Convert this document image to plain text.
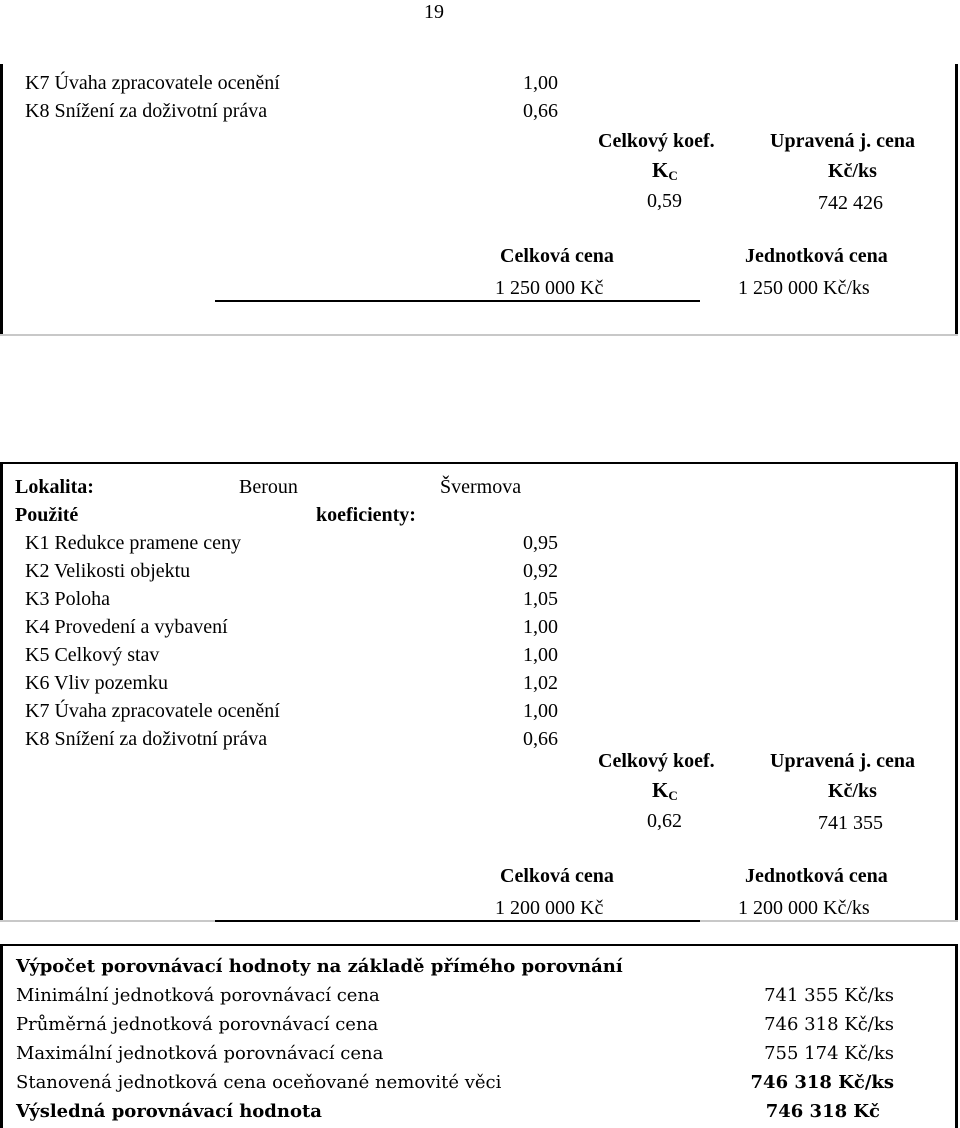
19
K7 Úvaha zpracovatele ocenění	1,00
K8 Snížení za doživotní práva	0,66
Celkový koef.	Upravená j. cena
$K_C$	Kč/ks
0,59	742 426
Celková cena	Jednotková cena
1 250 000 Kč	1 250 000 Kč/ks
Lokalita:	Beroun	Švermova
Použité	koeficienty:
K1 Redukce pramene ceny	0,95
K2 Velikosti objektu	0,92
K3 Poloha	1,05
K4 Provedení a vybavení	1,00
K5 Celkový stav	1,00
K6 Vliv pozemku	1,02
K7 Úvaha zpracovatele ocenění	1,00
K8 Snížení za doživotní práva	0,66
Celkový koef.	Upravená j. cena
$K_C$	Kč/ks
0,62	741 355
Celková cena	Jednotková cena
1 200 000 Kč	1 200 000 Kč/ks
Výpočet porovnávací hodnoty na základě přímého porovnání
Minimální jednotková porovnávací cena	741 355 Kč/ks
Průměrná jednotková porovnávací cena	746 318 Kč/ks
Maximální jednotková porovnávací cena	755 174 Kč/ks
Stanovená jednotková cena oceňované nemovité věci	746 318 Kč/ks
Výsledná porovnávací hodnota	746 318 Kč
